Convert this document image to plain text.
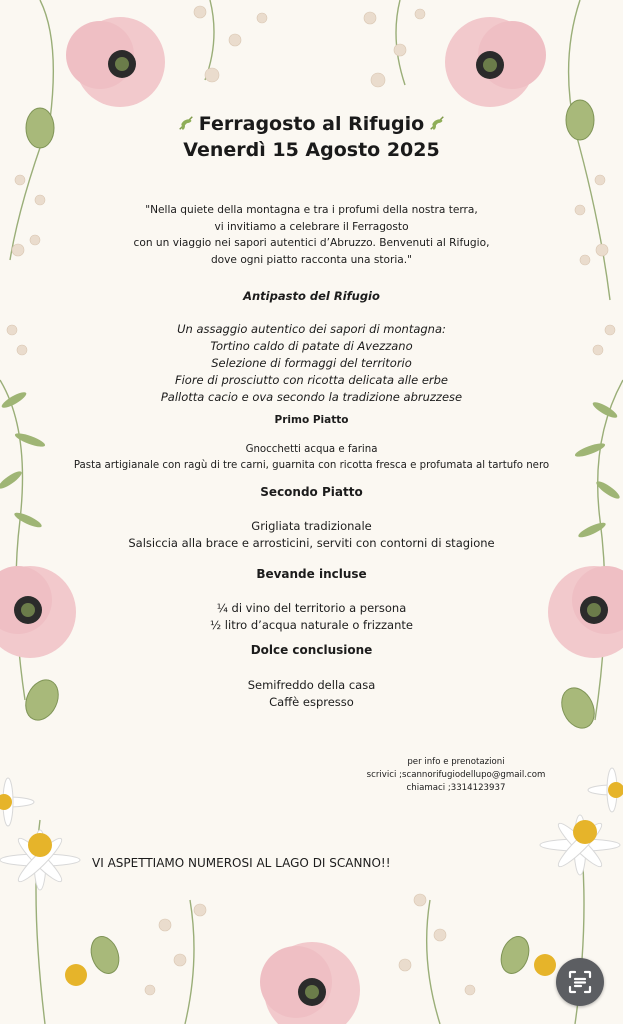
Ferragosto al Rifugio
Venerdì 15 Agosto 2025
"Nella quiete della montagna e tra i profumi della nostra terra,
vi invitiamo a celebrare il Ferragosto
con un viaggio nei sapori autentici d’Abruzzo. Benvenuti al Rifugio,
dove ogni piatto racconta una storia."
Antipasto del Rifugio
Un assaggio autentico dei sapori di montagna:
Tortino caldo di patate di Avezzano
Selezione di formaggi del territorio
Fiore di prosciutto con ricotta delicata alle erbe
Pallotta cacio e ova secondo la tradizione abruzzese
Primo Piatto
Gnocchetti acqua e farina
Pasta artigianale con ragù di tre carni, guarnita con ricotta fresca e profumata al tartufo nero
Secondo Piatto
Grigliata tradizionale
Salsiccia alla brace e arrosticini, serviti con contorni di stagione
Bevande incluse
¼ di vino del territorio a persona
½ litro d’acqua naturale o frizzante
Dolce conclusione
Semifreddo della casa
Caffè espresso
per info e prenotazioni
scrivici ;scannorifugiodellupo@gmail.com
chiamaci ;3314123937
VI ASPETTIAMO NUMEROSI AL LAGO DI SCANNO!!
